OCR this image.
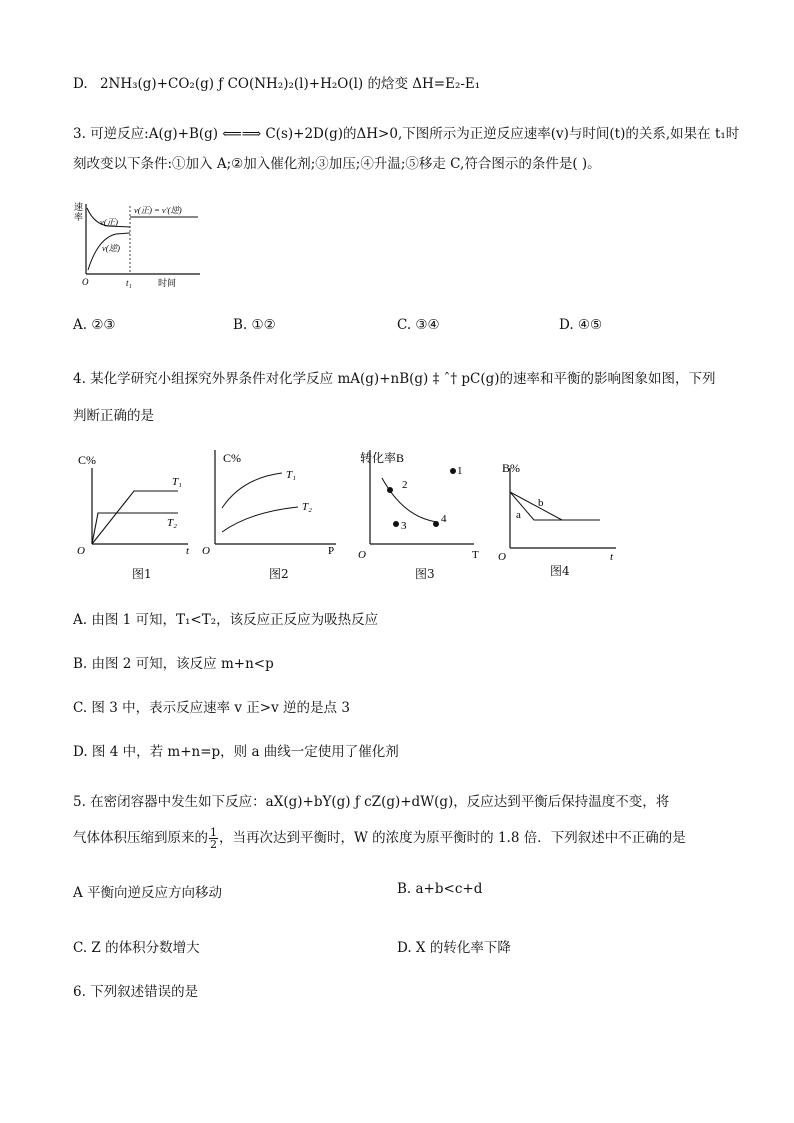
D. 2NH₃(g)+CO₂(g) ƒ CO(NH₂)₂(l)+H₂O(l) 的焓变 ΔH=E₂-E₁
3. 可逆反应:A(g)+B(g) ⟸⟹ C(s)+2D(g)的ΔH>0,下图所示为正逆反应速率(v)与时间(t)的关系,如果在 t₁时
刻改变以下条件:①加入 A;②加入催化剂;③加压;④升温;⑤移走 C,符合图示的条件是( )。
速
率
v(正) = v′(逆)
v(正)
v(逆)
O	t₁	时间
A. ②③	B. ①②	C. ③④	D. ④⑤
4. 某化学研究小组探究外界条件对化学反应 mA(g)+nB(g) ‡ ˆ† pC(g)的速率和平衡的影响图象如图，下列
判断正确的是
C%
T₁
T₂
O	t
图1
C%
T₁
T₂
O	P
图2
转化率B
1
2
3
4
O	T
图3
B%
a
b
O	t
图4
A. 由图 1 可知，T₁<T₂，该反应正反应为吸热反应
B. 由图 2 可知，该反应 m+n<p
C. 图 3 中，表示反应速率 v 正>v 逆的是点 3
D. 图 4 中，若 m+n=p，则 a 曲线一定使用了催化剂
5. 在密闭容器中发生如下反应：aX(g)+bY(g) ƒ cZ(g)+dW(g)，反应达到平衡后保持温度不变，将
气体体积压缩到原来的 $\frac{1}{2}$ ，当再次达到平衡时，W 的浓度为原平衡时的 1.8 倍．下列叙述中不正确的是
A 平衡向逆反应方向移动	B. a+b<c+d
C. Z 的体积分数增大	D. X 的转化率下降
6. 下列叙述错误的是
